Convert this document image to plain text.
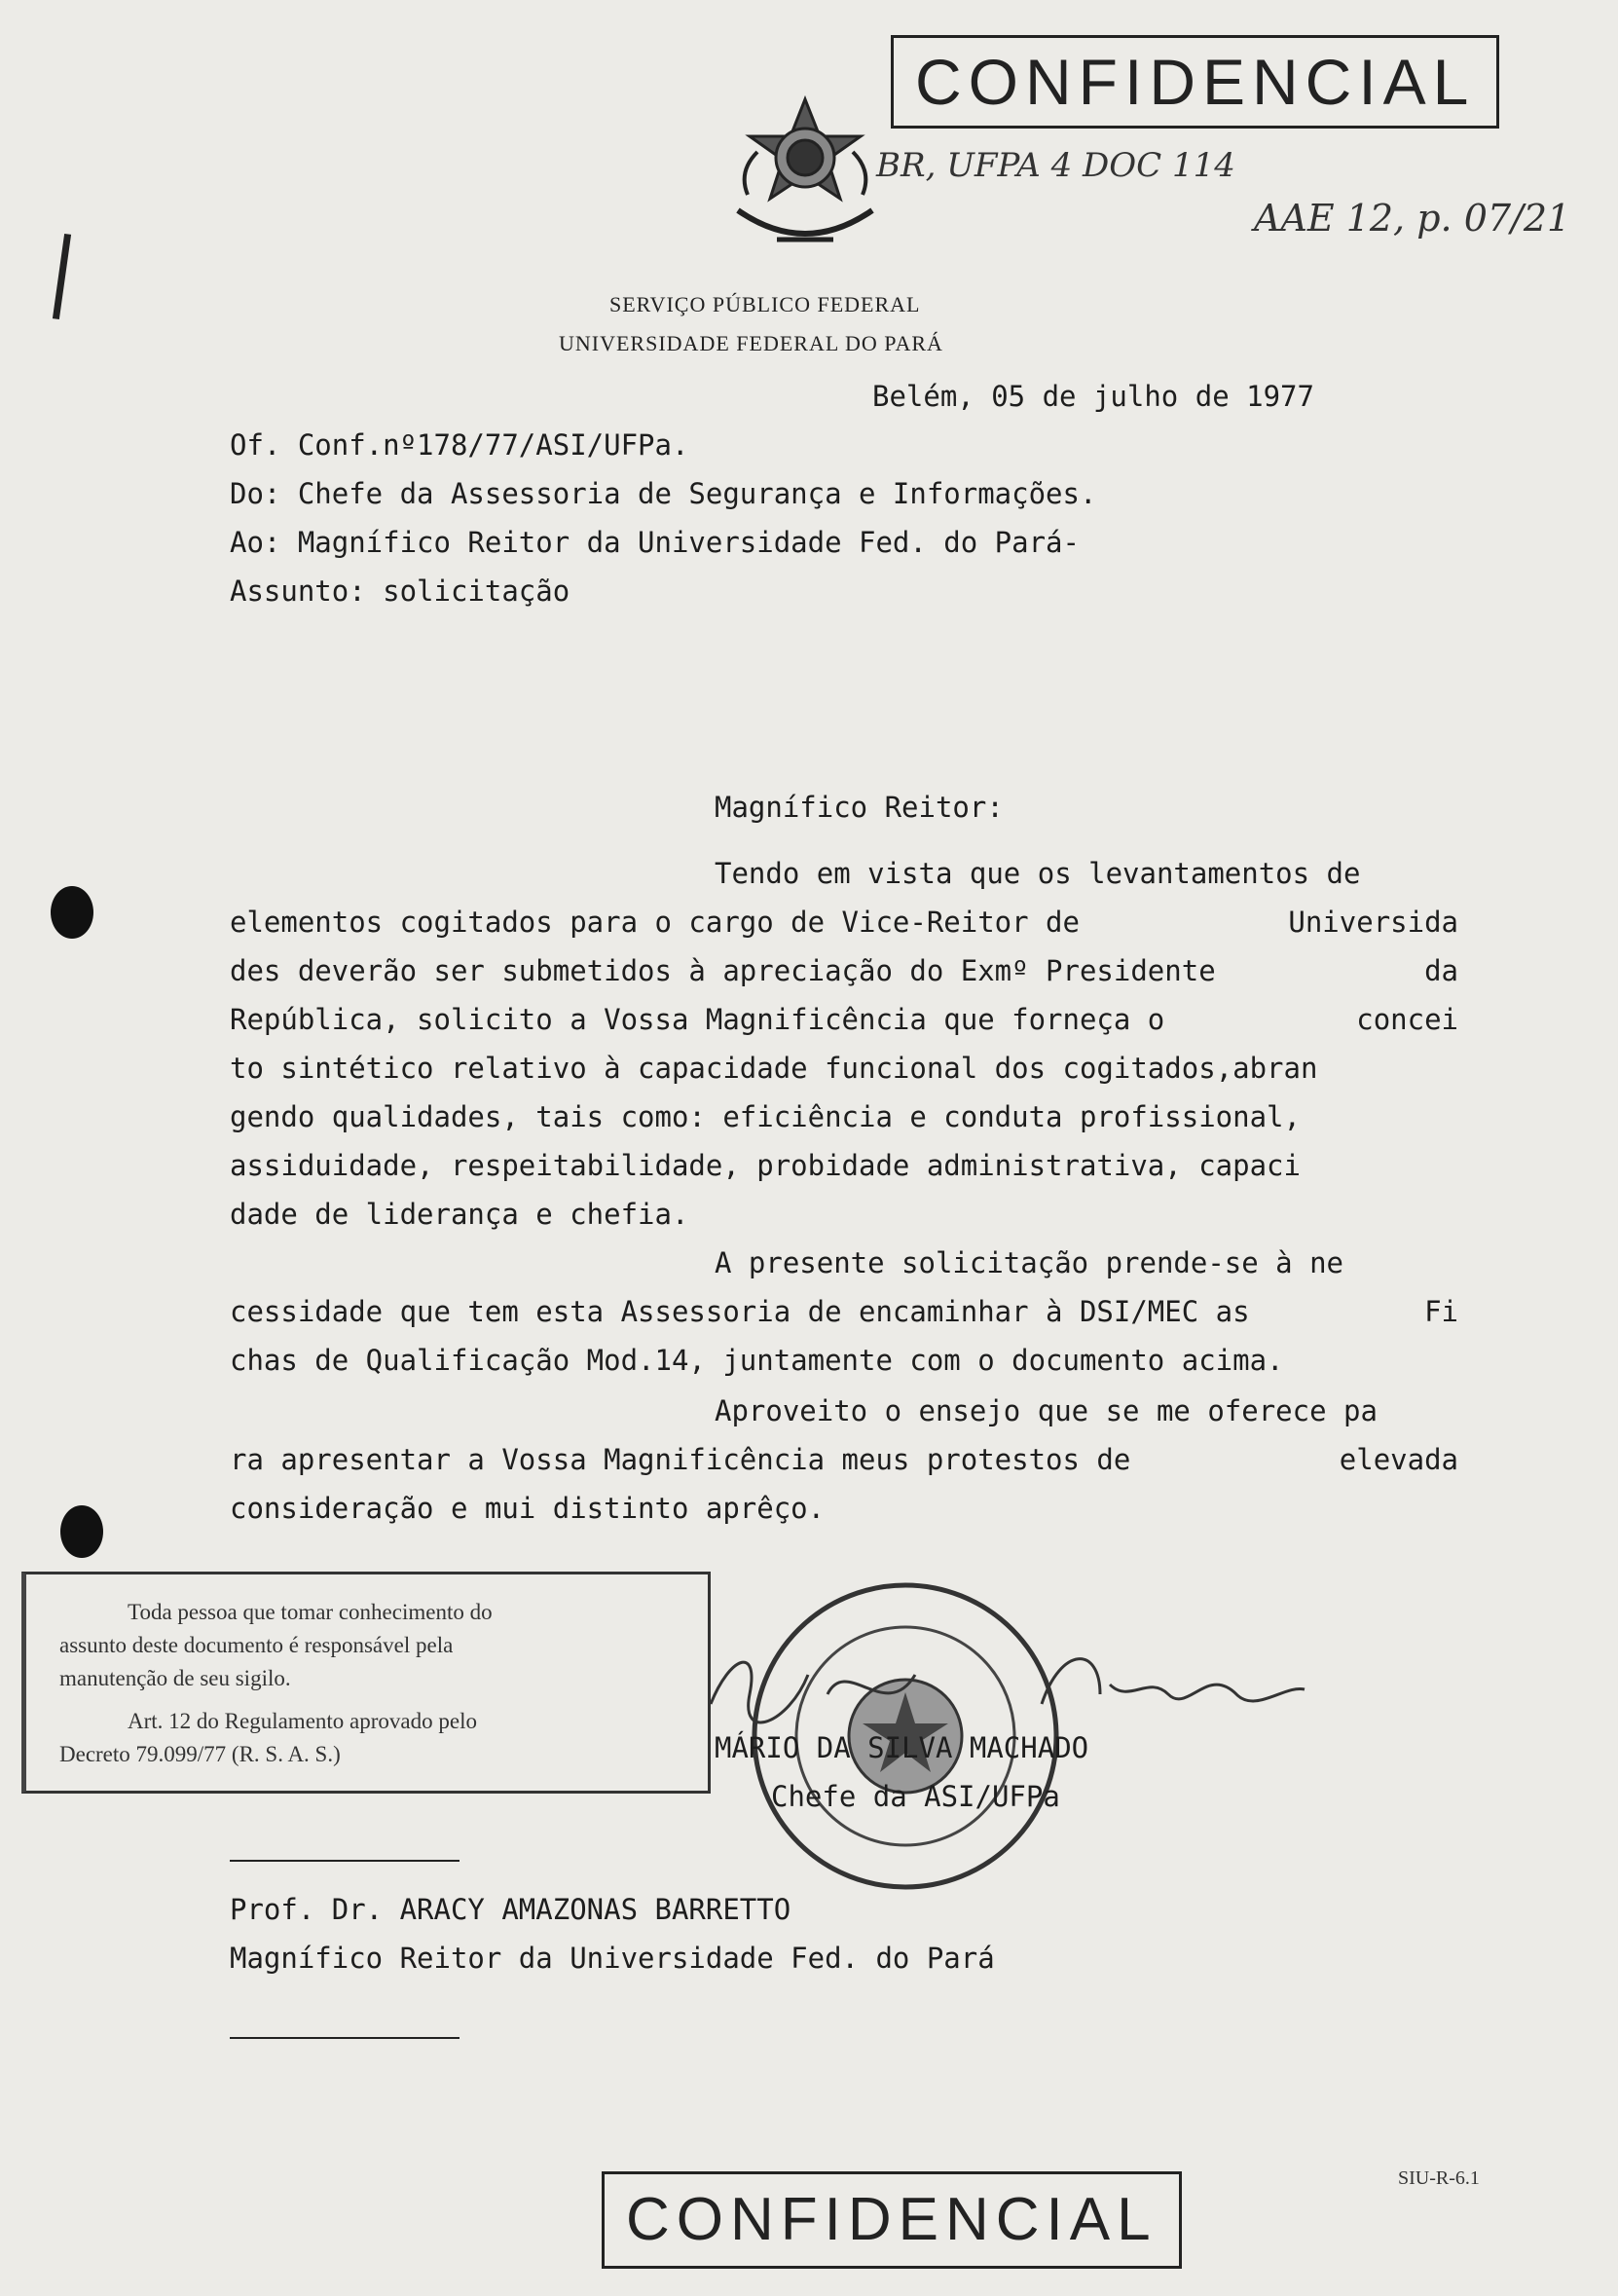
CONFIDENCIAL
BR, UFPA 4 DOC 114
AAE 12, p. 07/21
SERVIÇO PÚBLICO FEDERAL
UNIVERSIDADE FEDERAL DO PARÁ
Belém, 05 de julho de 1977
Of. Conf.nº178/77/ASI/UFPa.
Do: Chefe da Assessoria de Segurança e Informações.
Ao: Magnífico Reitor da Universidade Fed. do Pará-
Assunto: solicitação
Magnífico Reitor:
Tendo em vista que os levantamentos de
elementos cogitados para o cargo de Vice-Reitor de	Universida
des deverão ser submetidos à apreciação do Exmº Presidente	da
República, solicito a Vossa Magnificência que forneça o	concei
to sintético relativo à capacidade funcional dos cogitados,abran
gendo qualidades, tais como: eficiência e conduta profissional,
assiduidade, respeitabilidade, probidade administrativa, capaci
dade de liderança e chefia.
A presente solicitação prende-se à ne
cessidade que tem esta Assessoria de encaminhar à DSI/MEC as	Fi
chas de Qualificação Mod.14, juntamente com o documento acima.
Aproveito o ensejo que se me oferece pa
ra apresentar a Vossa Magnificência meus protestos de	elevada
consideração e mui distinto aprêço.
Toda pessoa que tomar conhecimento do
assunto deste documento é responsável pela
manutenção de seu sigilo.
Art. 12 do Regulamento aprovado pelo
Decreto 79.099/77 (R. S. A. S.)	MÁRIO DA SILVA MACHADO
Chefe da ASI/UFPa
Prof. Dr. ARACY AMAZONAS BARRETTO
Magnífico Reitor da Universidade Fed. do Pará
CONFIDENCIAL
SIU-R-6.1
